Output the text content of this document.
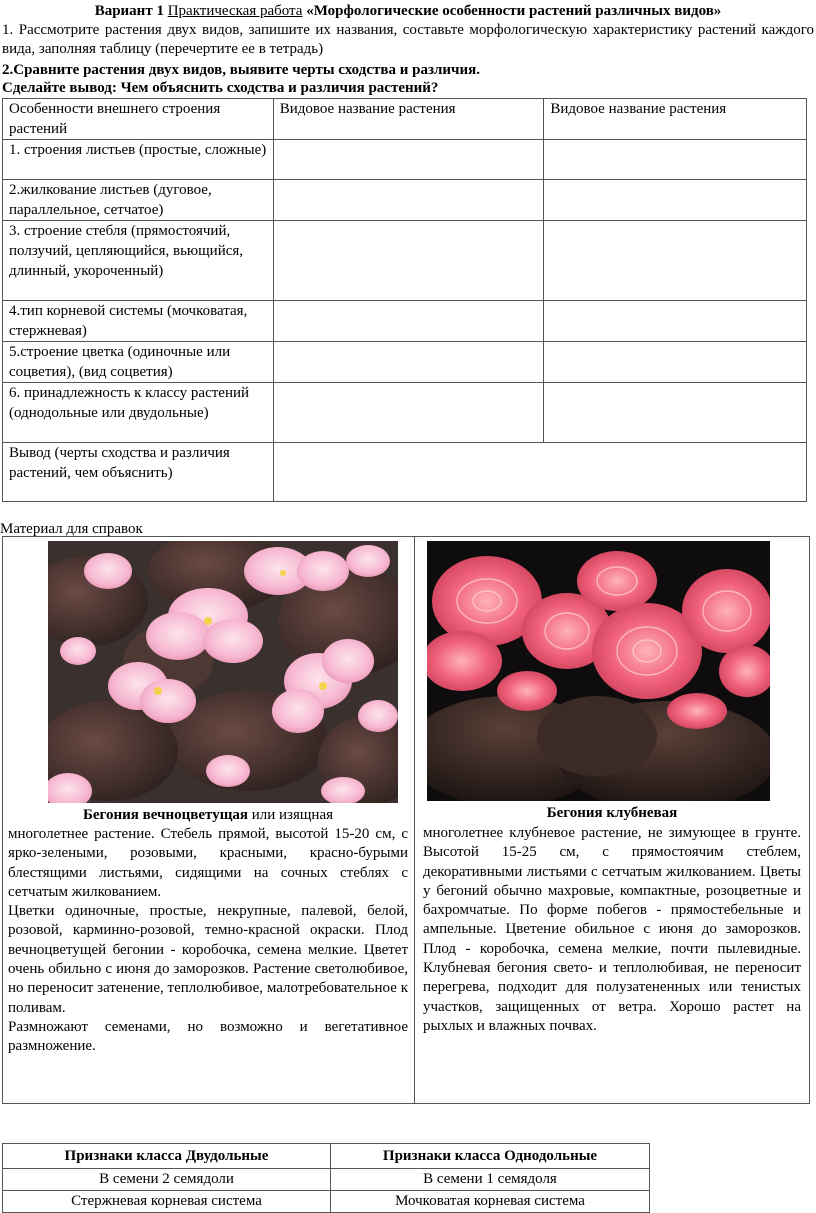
Вариант 1 Практическая работа «Морфологические особенности растений различных видов»
1. Рассмотрите растения двух видов, запишите их названия, составьте морфологическую характеристику растений каждого вида, заполняя таблицу (перечертите ее в тетрадь)
2.Сравните растения двух видов, выявите черты сходства и различия.
Сделайте вывод: Чем объяснить сходства и различия растений?
Особенности внешнего строения растений	Видовое название растения	Видовое название растения
1. строения листьев (простые, сложные)		
2.жилкование листьев (дуговое, параллельное, сетчатое)		
3. строение стебля (прямостоячий, ползучий, цепляющийся, вьющийся, длинный, укороченный)		
4.тип корневой системы (мочковатая, стержневая)		
5.строение цветка (одиночные или соцветия), (вид соцветия)		
6. принадлежность к классу растений (однодольные или двудольные)		
Вывод (черты сходства и различия растений, чем объяснить)		
Материал для справок
Бегония вечноцветущая или изящная	Бегония клубневая

многолетнее растение. Стебель прямой, высотой 15-20 см, с ярко-зелеными, розовыми, красными, красно-бурыми блестящими листьями, сидящими на сочных стеблях с сетчатым жилкованием.

Цветки одиночные, простые, некрупные, палевой, белой, розовой, карминно-розовой, темно-красной окраски. Плод вечноцветущей бегонии - коробочка, семена мелкие. Цветет очень обильно с июня до заморозков. Растение светолюбивое, но переносит затенение, теплолюбивое, малотребовательное к поливам.

Размножают семенами, но возможно и вегетативное размножение.

многолетнее клубневое растение, не зимующее в грунте. Высотой 15-25 см, с прямостоячим стеблем, декоративными листьями с сетчатым жилкованием. Цветы у бегоний обычно махровые, компактные, розоцветные и бахромчатые. По форме побегов - прямостебельные и ампельные. Цветение обильное с июня до заморозков. Плод - коробочка, семена мелкие, почти пылевидные. Клубневая бегония свето- и теплолюбивая, не переносит перегрева, подходит для полузатененных или тенистых участков, защищенных от ветра. Хорошо растет на рыхлых и влажных почвах.

Признаки класса Двудольные	Признаки класса Однодольные
В семени 2 семядоли	В семени 1 семядоля
Стержневая корневая система	Мочковатая корневая система
